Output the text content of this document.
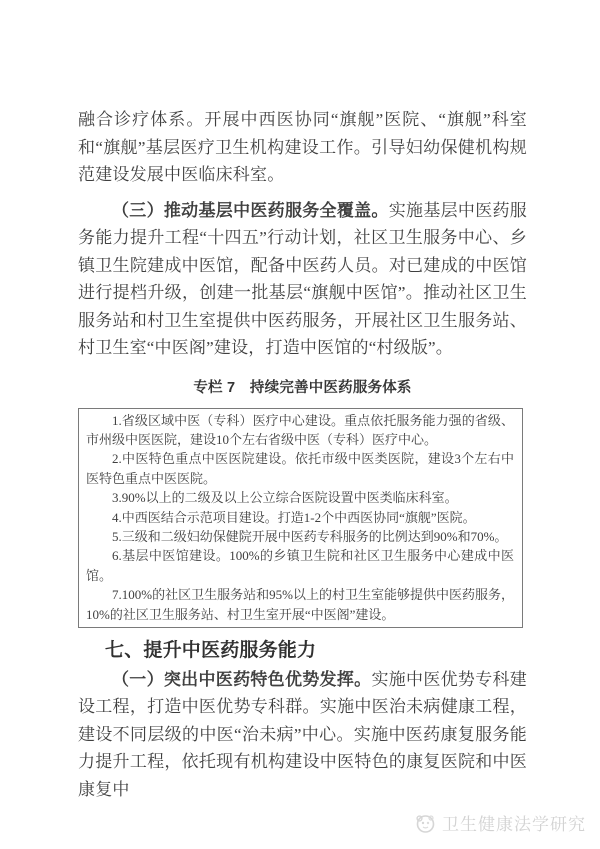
融合诊疗体系。开展中西医协同“旗舰”医院、“旗舰”科室和“旗舰”基层医疗卫生机构建设工作。引导妇幼保健机构规范建设发展中医临床科室。

（三）推动基层中医药服务全覆盖。实施基层中医药服务能力提升工程“十四五”行动计划，社区卫生服务中心、乡镇卫生院建成中医馆，配备中医药人员。对已建成的中医馆进行提档升级，创建一批基层“旗舰中医馆”。推动社区卫生服务站和村卫生室提供中医药服务，开展社区卫生服务站、村卫生室“中医阁”建设，打造中医馆的“村级版”。

专栏 7　持续完善中医药服务体系
1.省级区域中医（专科）医疗中心建设。重点依托服务能力强的省级、市州级中医医院，建设10个左右省级中医（专科）医疗中心。
2.中医特色重点中医医院建设。依托市级中医类医院，建设3个左右中医特色重点中医医院。
3.90%以上的二级及以上公立综合医院设置中医类临床科室。
4.中西医结合示范项目建设。打造1-2个中西医协同“旗舰”医院。
5.三级和二级妇幼保健院开展中医药专科服务的比例达到90%和70%。
6.基层中医馆建设。100%的乡镇卫生院和社区卫生服务中心建成中医馆。
7.100%的社区卫生服务站和95%以上的村卫生室能够提供中医药服务，10%的社区卫生服务站、村卫生室开展“中医阁”建设。
七、提升中医药服务能力

（一）突出中医药特色优势发挥。实施中医优势专科建设工程，打造中医优势专科群。实施中医治未病健康工程，建设不同层级的中医“治未病”中心。实施中医药康复服务能力提升工程，依托现有机构建设中医特色的康复医院和中医康复中

卫生健康法学研究
